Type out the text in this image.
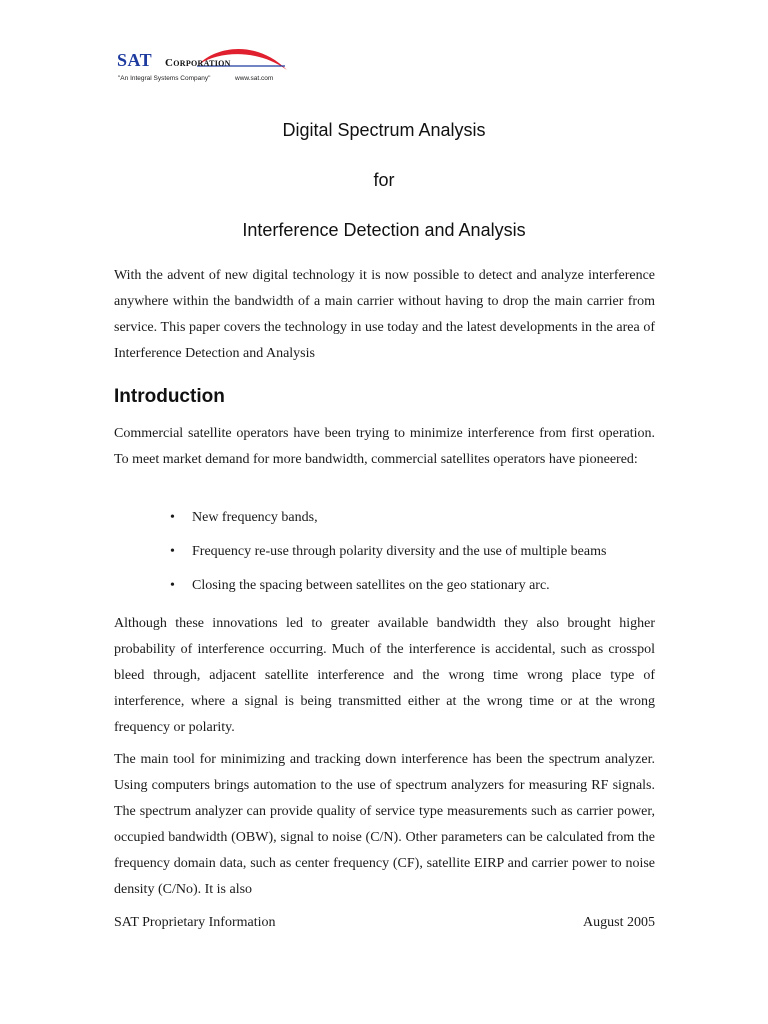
SAT Corporation
"An Integral Systems Company"	www.sat.com
Digital Spectrum Analysis
for
Interference Detection and Analysis
With the advent of new digital technology it is now possible to detect and analyze interference anywhere within the bandwidth of a main carrier without having to drop the main carrier from service. This paper covers the technology in use today and the latest developments in the area of Interference Detection and Analysis
Introduction
Commercial satellite operators have been trying to minimize interference from first operation. To meet market demand for more bandwidth, commercial satellites operators have pioneered:
• New frequency bands,
• Frequency re-use through polarity diversity and the use of multiple beams
• Closing the spacing between satellites on the geo stationary arc.
Although these innovations led to greater available bandwidth they also brought higher probability of interference occurring. Much of the interference is accidental, such as crosspol bleed through, adjacent satellite interference and the wrong time wrong place type of interference, where a signal is being transmitted either at the wrong time or at the wrong frequency or polarity.
The main tool for minimizing and tracking down interference has been the spectrum analyzer. Using computers brings automation to the use of spectrum analyzers for measuring RF signals. The spectrum analyzer can provide quality of service type measurements such as carrier power, occupied bandwidth (OBW), signal to noise (C/N). Other parameters can be calculated from the frequency domain data, such as center frequency (CF), satellite EIRP and carrier power to noise density (C/No). It is also
SAT Proprietary Information	August 2005
